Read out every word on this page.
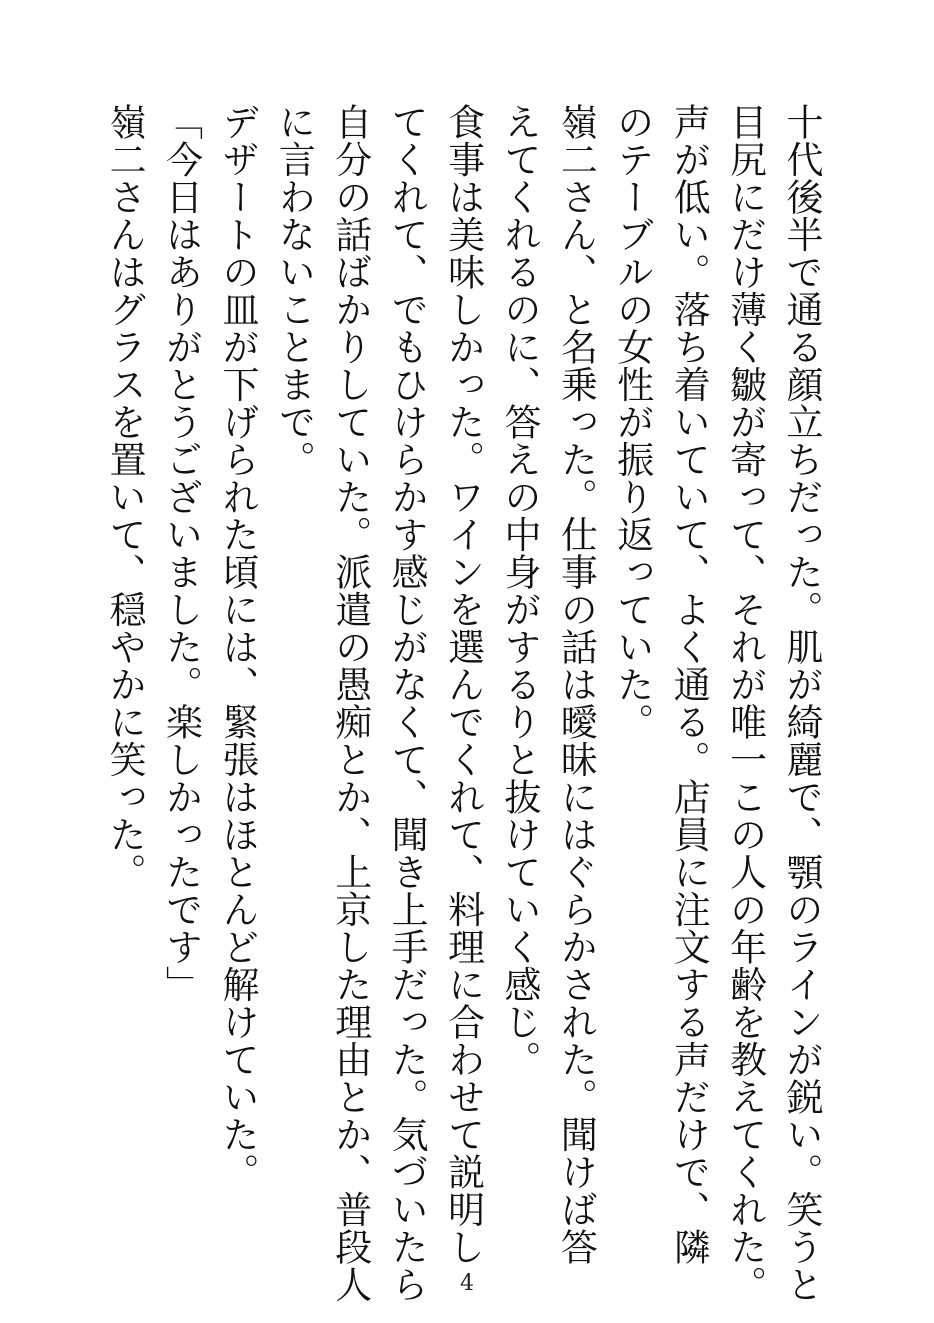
十代後半で通る顔立ちだった。肌が綺麗で、顎のラインが鋭い。笑うと
目尻にだけ薄く皺が寄って、それが唯一この人の年齢を教えてくれた。
声が低い。落ち着いていて、よく通る。店員に注文する声だけで、隣
のテーブルの女性が振り返っていた。
嶺二さん、と名乗った。仕事の話は曖昧にはぐらかされた。聞けば答
えてくれるのに、答えの中身がするりと抜けていく感じ。
食事は美味しかった。ワインを選んでくれて、料理に合わせて説明し
てくれて、でもひけらかす感じがなくて、聞き上手だった。気づいたら
自分の話ばかりしていた。派遣の愚痴とか、上京した理由とか、普段人
に言わないことまで。
デザートの皿が下げられた頃には、緊張はほとんど解けていた。
「今日はありがとうございました。楽しかったです」
嶺二さんはグラスを置いて、穏やかに笑った。
4
